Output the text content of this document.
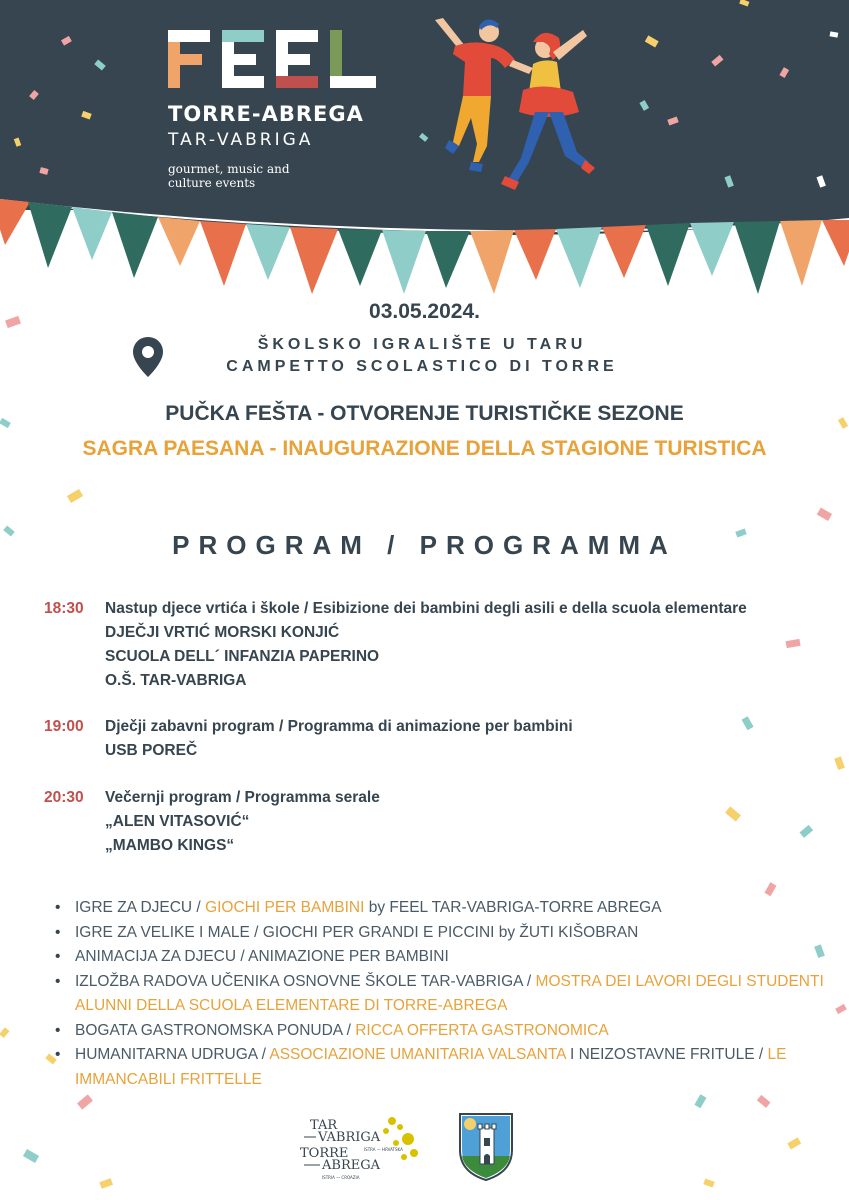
TORRE-ABREGA
TAR-VABRIGA
gourmet, music and culture events
03.05.2024.
ŠKOLSKO IGRALIŠTE U TARU
CAMPETTO SCOLASTICO DI TORRE
PUČKA FEŠTA - OTVORENJE TURISTIČKE SEZONE
SAGRA PAESANA - INAUGURAZIONE DELLA STAGIONE TURISTICA
PROGRAM / PROGRAMMA
18:30 Nastup djece vrtića i škole / Esibizione dei bambini degli asili e della scuola elementare
DJEČJI VRTIĆ MORSKI KONJIĆ
SCUOLA DELL´ INFANZIA PAPERINO
O.Š. TAR-VABRIGA
19:00 Dječji zabavni program / Programma di animazione per bambini
USB POREČ
20:30 Večernji program / Programma serale
„ALEN VITASOVIĆ“
„MAMBO KINGS“
• IGRE ZA DJECU / GIOCHI PER BAMBINI by FEEL TAR-VABRIGA-TORRE ABREGA
• IGRE ZA VELIKE I MALE / GIOCHI PER GRANDI E PICCINI by ŽUTI KIŠOBRAN
• ANIMACIJA ZA DJECU / ANIMAZIONE PER BAMBINI
• IZLOŽBA RADOVA UČENIKA OSNOVNE ŠKOLE TAR-VABRIGA / MOSTRA DEI LAVORI DEGLI STUDENTI ALUNNI DELLA SCUOLA ELEMENTARE DI TORRE-ABREGA
• BOGATA GASTRONOMSKA PONUDA / RICCA OFFERTA GASTRONOMICA
• HUMANITARNA UDRUGA / ASSOCIAZIONE UMANITARIA VALSANTA I NEIZOSTAVNE FRITULE / LE IMMANCABILI FRITTELLE
TAR
VABRIGA
TORRE
ABREGA
ISTRA — HRVATSKA
ISTRIA — CROAZIA
